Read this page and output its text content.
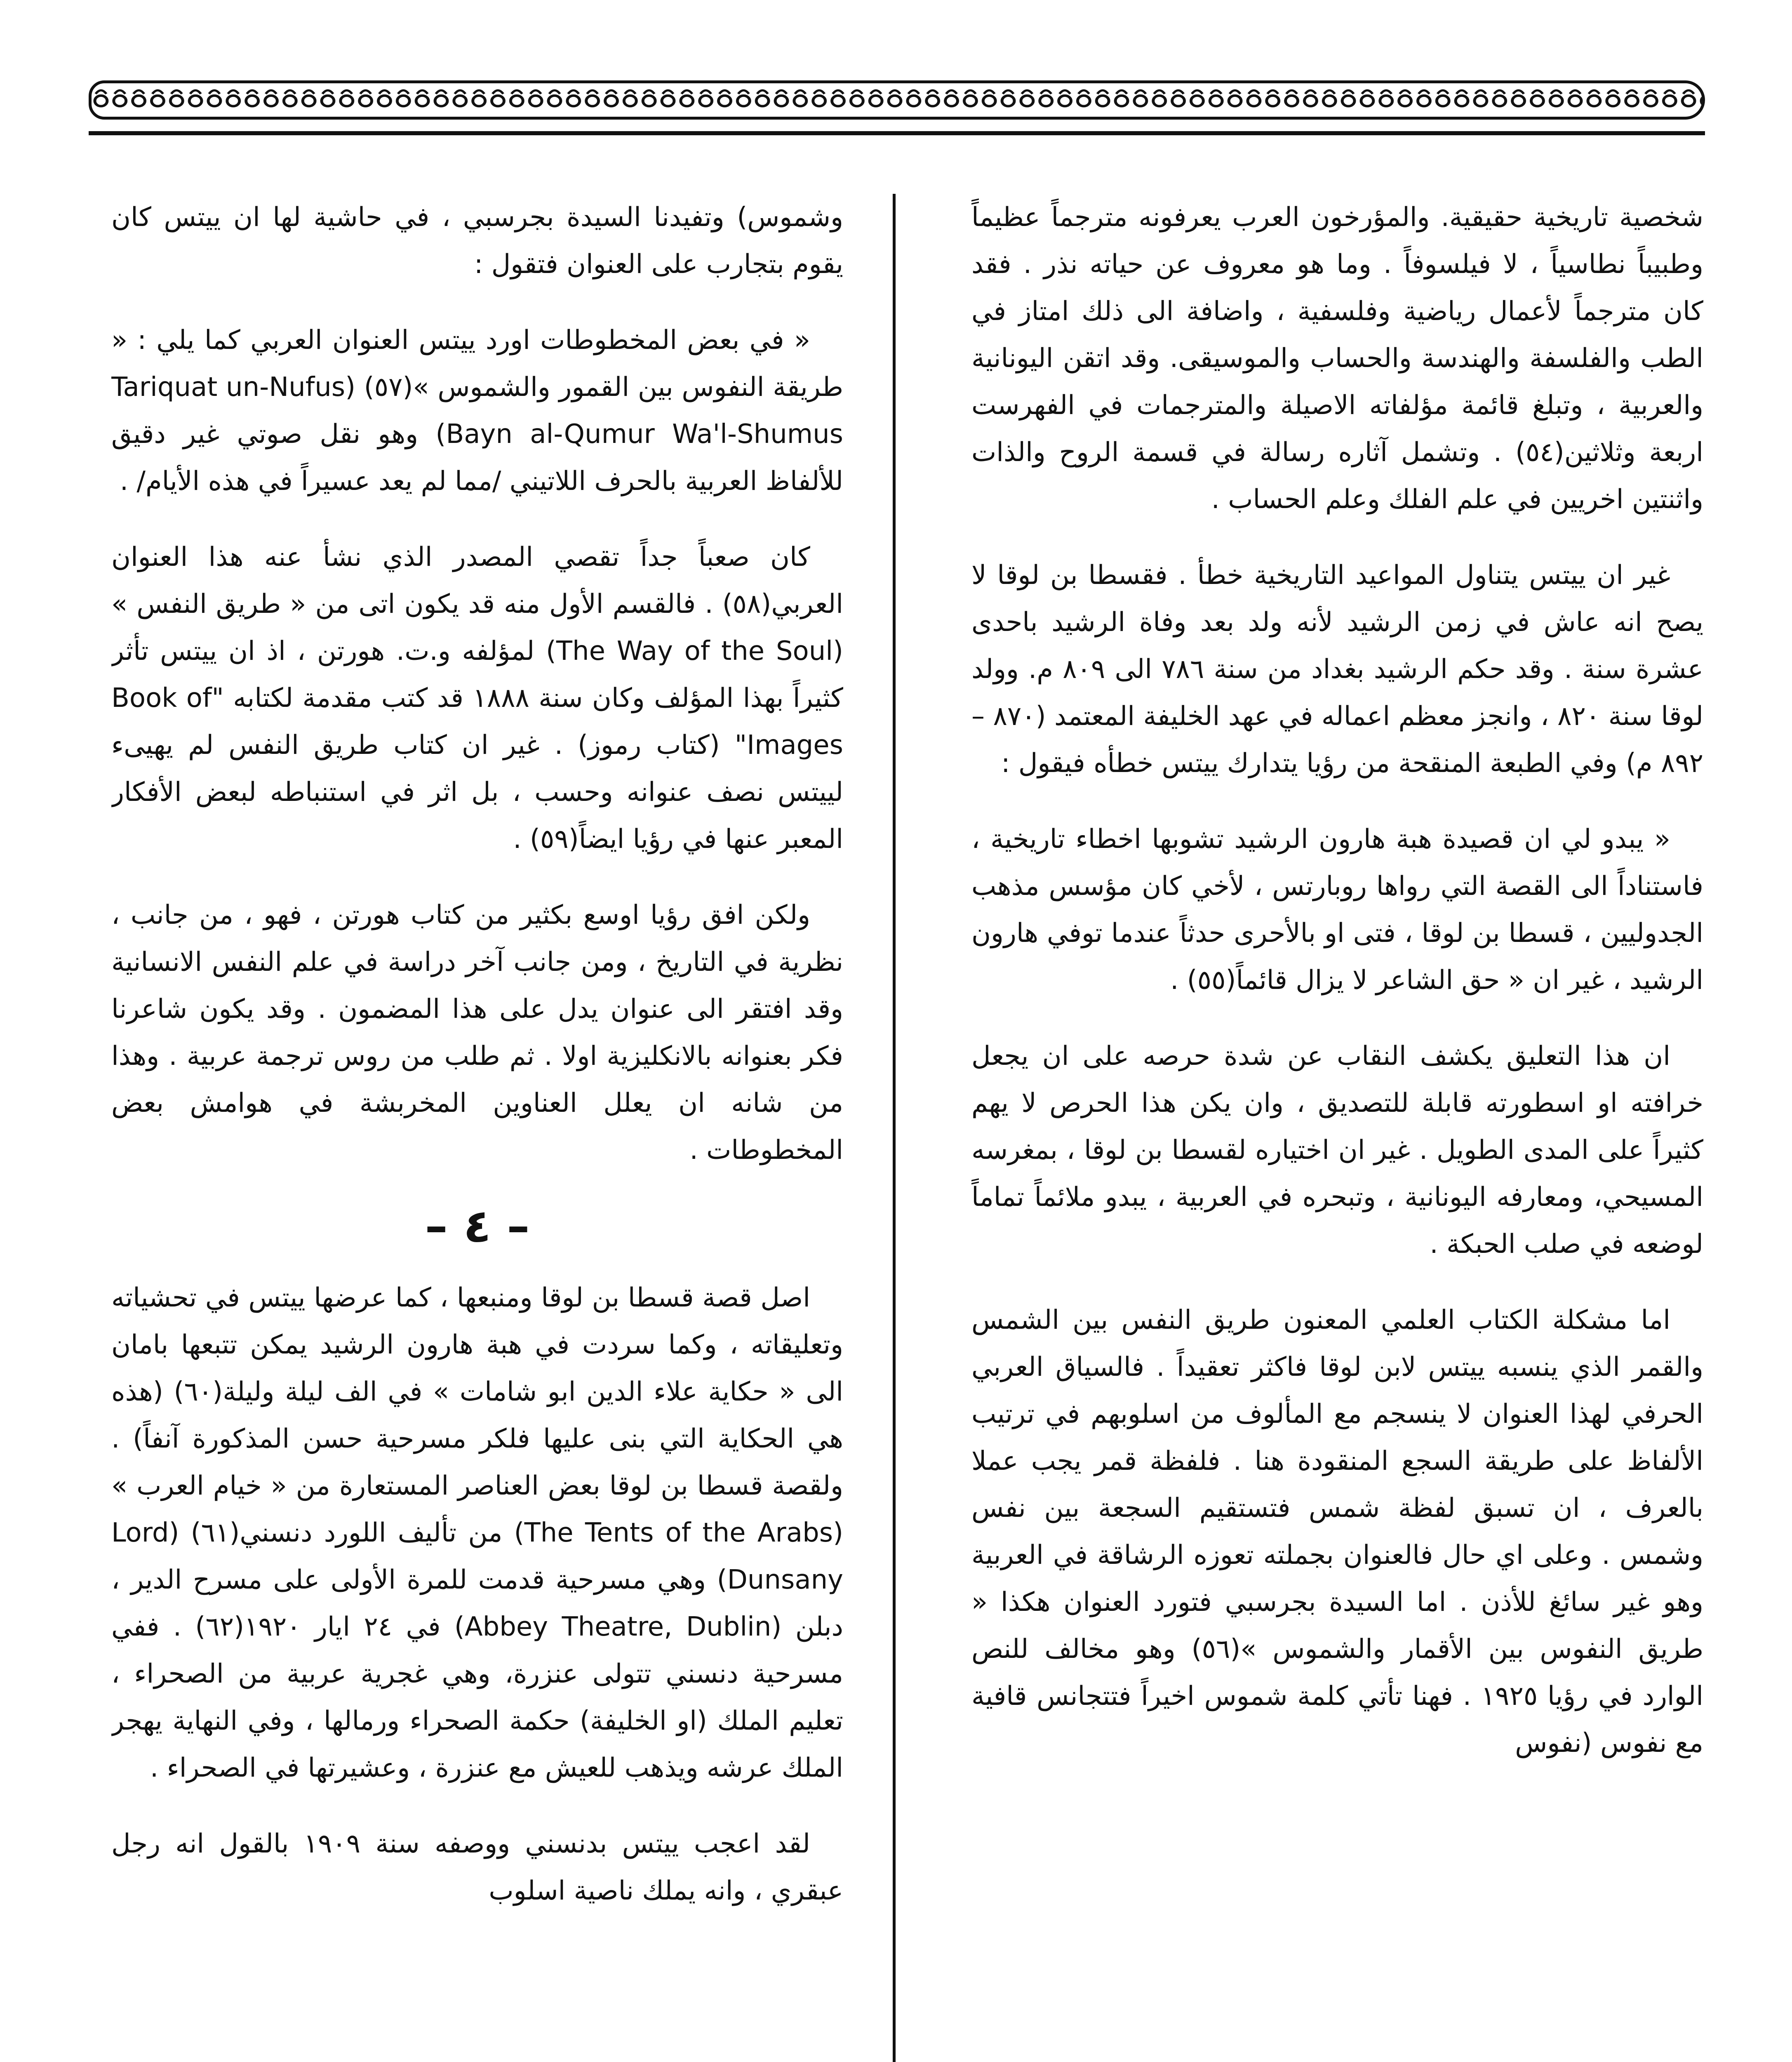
شخصية تاريخية حقيقية. والمؤرخون العرب يعرفونه مترجماً عظيماً وطبيباً نطاسياً ، لا فيلسوفاً . وما هو معروف عن حياته نذر . فقد كان مترجماً لأعمال رياضية وفلسفية ، واضافة الى ذلك امتاز في الطب والفلسفة والهندسة والحساب والموسيقى. وقد اتقن اليونانية والعربية ، وتبلغ قائمة مؤلفاته الاصيلة والمترجمات في الفهرست اربعة وثلاثين(٥٤) . وتشمل آثاره رسالة في قسمة الروح والذات واثنتين اخريين في علم الفلك وعلم الحساب .

غير ان ييتس يتناول المواعيد التاريخية خطأ . فقسطا بن لوقا لا يصح انه عاش في زمن الرشيد لأنه ولد بعد وفاة الرشيد باحدى عشرة سنة . وقد حكم الرشيد بغداد من سنة ٧٨٦ الى ٨٠٩ م. وولد لوقا سنة ٨٢٠ ، وانجز معظم اعماله في عهد الخليفة المعتمد (٨٧٠ – ٨٩٢ م) وفي الطبعة المنقحة من رؤيا يتدارك ييتس خطأه فيقول :

« يبدو لي ان قصيدة هبة هارون الرشيد تشوبها اخطاء تاريخية ، فاستناداً الى القصة التي رواها روبارتس ، لأخي كان مؤسس مذهب الجدوليين ، قسطا بن لوقا ، فتى او بالأحرى حدثاً عندما توفي هارون الرشيد ، غير ان « حق الشاعر لا يزال قائماً(٥٥) .

ان هذا التعليق يكشف النقاب عن شدة حرصه على ان يجعل خرافته او اسطورته قابلة للتصديق ، وان يكن هذا الحرص لا يهم كثيراً على المدى الطويل . غير ان اختياره لقسطا بن لوقا ، بمغرسه المسيحي، ومعارفه اليونانية ، وتبحره في العربية ، يبدو ملائماً تماماً لوضعه في صلب الحبكة .

اما مشكلة الكتاب العلمي المعنون طريق النفس بين الشمس والقمر الذي ينسبه ييتس لابن لوقا فاكثر تعقيداً . فالسياق العربي الحرفي لهذا العنوان لا ينسجم مع المألوف من اسلوبهم في ترتيب الألفاظ على طريقة السجع المنقودة هنا . فلفظة قمر يجب عملا بالعرف ، ان تسبق لفظة شمس فتستقيم السجعة بين نفس وشمس . وعلى اي حال فالعنوان بجملته تعوزه الرشاقة في العربية وهو غير سائغ للأذن . اما السيدة بجرسبي فتورد العنوان هكذا « طريق النفوس بين الأقمار والشموس »(٥٦) وهو مخالف للنص الوارد في رؤيا ١٩٢٥ . فهنا تأتي كلمة شموس اخيراً فتتجانس قافية مع نفوس (نفوس

وشموس) وتفيدنا السيدة بجرسبي ، في حاشية لها ان ييتس كان يقوم بتجارب على العنوان فتقول :

« في بعض المخطوطات اورد ييتس العنوان العربي كما يلي : « طريقة النفوس بين القمور والشموس »(٥٧) (Tariquat un-Nufus Bayn al-Qumur Wa'l-Shumus) وهو نقل صوتي غير دقيق للألفاظ العربية بالحرف اللاتيني /مما لم يعد عسيراً في هذه الأيام/ .

كان صعباً جداً تقصي المصدر الذي نشأ عنه هذا العنوان العربي(٥٨) . فالقسم الأول منه قد يكون اتى من « طريق النفس » (The Way of the Soul) لمؤلفه و.ت. هورتن ، اذ ان ييتس تأثر كثيراً بهذا المؤلف وكان سنة ١٨٨٨ قد كتب مقدمة لكتابه "Book of Images" (كتاب رموز) . غير ان كتاب طريق النفس لم يهيىء لييتس نصف عنوانه وحسب ، بل اثر في استنباطه لبعض الأفكار المعبر عنها في رؤيا ايضاً(٥٩) .

ولكن افق رؤيا اوسع بكثير من كتاب هورتن ، فهو ، من جانب ، نظرية في التاريخ ، ومن جانب آخر دراسة في علم النفس الانسانية وقد افتقر الى عنوان يدل على هذا المضمون . وقد يكون شاعرنا فكر بعنوانه بالانكليزية اولا . ثم طلب من روس ترجمة عربية . وهذا من شانه ان يعلل العناوين المخربشة في هوامش بعض المخطوطات .

– ٤ –

اصل قصة قسطا بن لوقا ومنبعها ، كما عرضها ييتس في تحشياته وتعليقاته ، وكما سردت في هبة هارون الرشيد يمكن تتبعها بامان الى « حكاية علاء الدين ابو شامات » في الف ليلة وليلة(٦٠) (هذه هي الحكاية التي بنى عليها فلكر مسرحية حسن المذكورة آنفاً) . ولقصة قسطا بن لوقا بعض العناصر المستعارة من « خيام العرب » (The Tents of the Arabs) من تأليف اللورد دنسني(٦١) (Lord Dunsany) وهي مسرحية قدمت للمرة الأولى على مسرح الدير ، دبلن (Abbey Theatre, Dublin) في ٢٤ ايار ١٩٢٠(٦٢) . ففي مسرحية دنسني تتولى عنزرة، وهي غجرية عربية من الصحراء ، تعليم الملك (او الخليفة) حكمة الصحراء ورمالها ، وفي النهاية يهجر الملك عرشه ويذهب للعيش مع عنزرة ، وعشيرتها في الصحراء .

لقد اعجب ييتس بدنسني ووصفه سنة ١٩٠٩ بالقول انه رجل عبقري ، وانه يملك ناصية اسلوب
